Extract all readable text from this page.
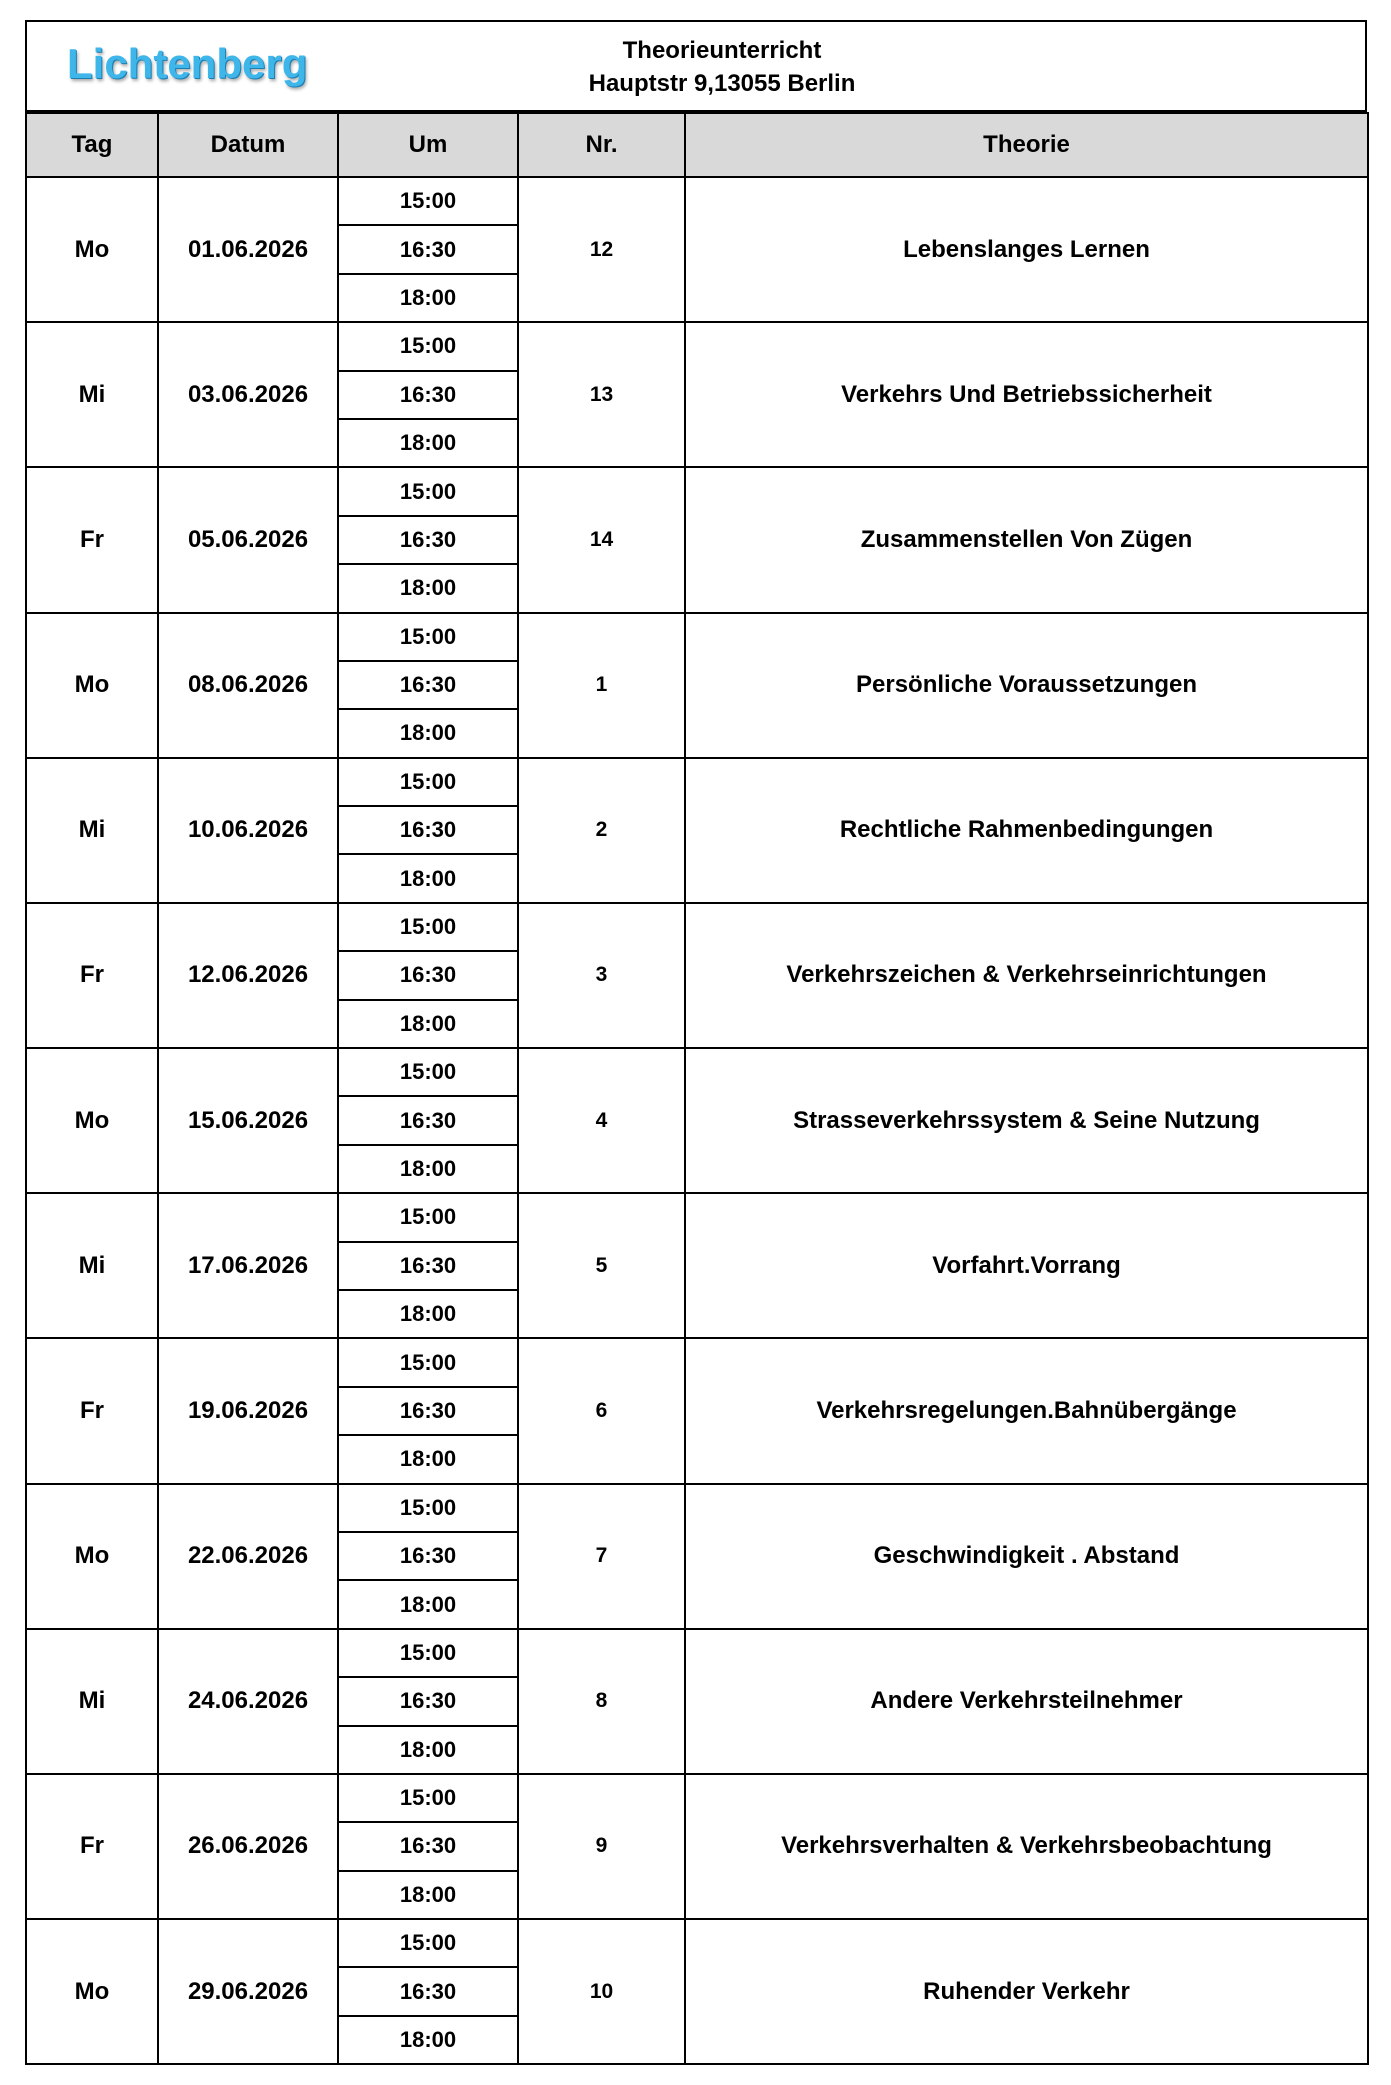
Lichtenberg	Theorieunterricht
Hauptstr 9,13055 Berlin
Tag	Datum	Um	Nr.	Theorie
Mo	01.06.2026	15:00	12	Lebenslanges Lernen
		16:30		
		18:00		
Mi	03.06.2026	15:00	13	Verkehrs Und Betriebssicherheit
		16:30		
		18:00		
Fr	05.06.2026	15:00	14	Zusammenstellen Von Zügen
		16:30		
		18:00		
Mo	08.06.2026	15:00	1	Persönliche Voraussetzungen
		16:30		
		18:00		
Mi	10.06.2026	15:00	2	Rechtliche Rahmenbedingungen
		16:30		
		18:00		
Fr	12.06.2026	15:00	3	Verkehrszeichen & Verkehrseinrichtungen
		16:30		
		18:00		
Mo	15.06.2026	15:00	4	Strasseverkehrssystem & Seine Nutzung
		16:30		
		18:00		
Mi	17.06.2026	15:00	5	Vorfahrt.Vorrang
		16:30		
		18:00		
Fr	19.06.2026	15:00	6	Verkehrsregelungen.Bahnübergänge
		16:30		
		18:00		
Mo	22.06.2026	15:00	7	Geschwindigkeit . Abstand
		16:30		
		18:00		
Mi	24.06.2026	15:00	8	Andere Verkehrsteilnehmer
		16:30		
		18:00		
Fr	26.06.2026	15:00	9	Verkehrsverhalten & Verkehrsbeobachtung
		16:30		
		18:00		
Mo	29.06.2026	15:00	10	Ruhender Verkehr
		16:30		
		18:00		
